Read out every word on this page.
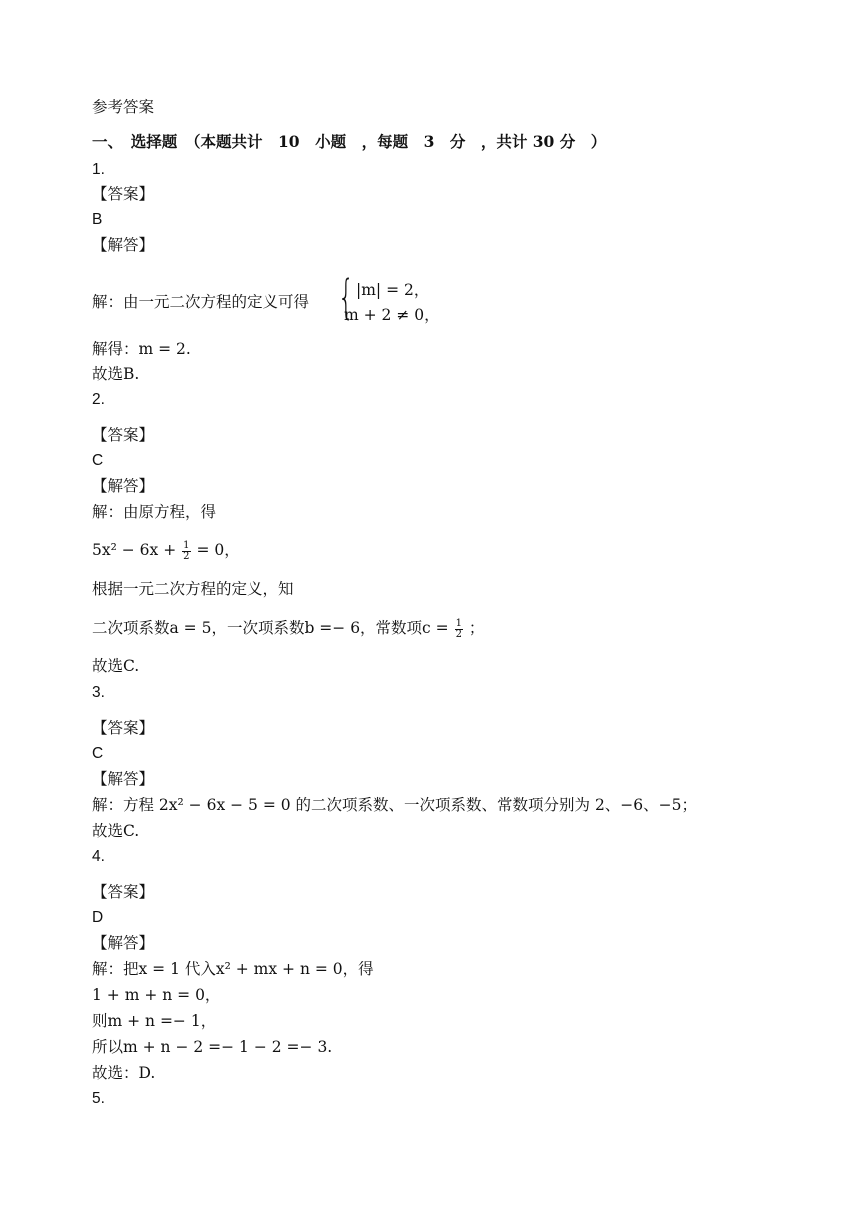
参考答案
一、　选择题　（本题共计　10　小题　，每题　3　分　，共计 30 分　）
1.
【答案】
B
【解答】
解：由一元二次方程的定义可得 { |m| = 2，
m + 2 ≠ 0，
解得：m = 2.
故选B.
2.
【答案】
C
【解答】
解：由原方程，得
$5x^2 - 6x + \frac{1}{2} = 0$，
根据一元二次方程的定义，知
二次项系数a = 5，一次项系数b =− 6，常数项$c = \frac{1}{2}$ ；
故选C.
3.
【答案】
C
【解答】
解：方程 2x² − 6x − 5 = 0 的二次项系数、一次项系数、常数项分别为 2、−6、−5；
故选C.
4.
【答案】
D
【解答】
解：把x = 1 代入x² + mx + n = 0，得
1 + m + n = 0，
则m + n =− 1，
所以m + n − 2 =− 1 − 2 =− 3.
故选：D.
5.
